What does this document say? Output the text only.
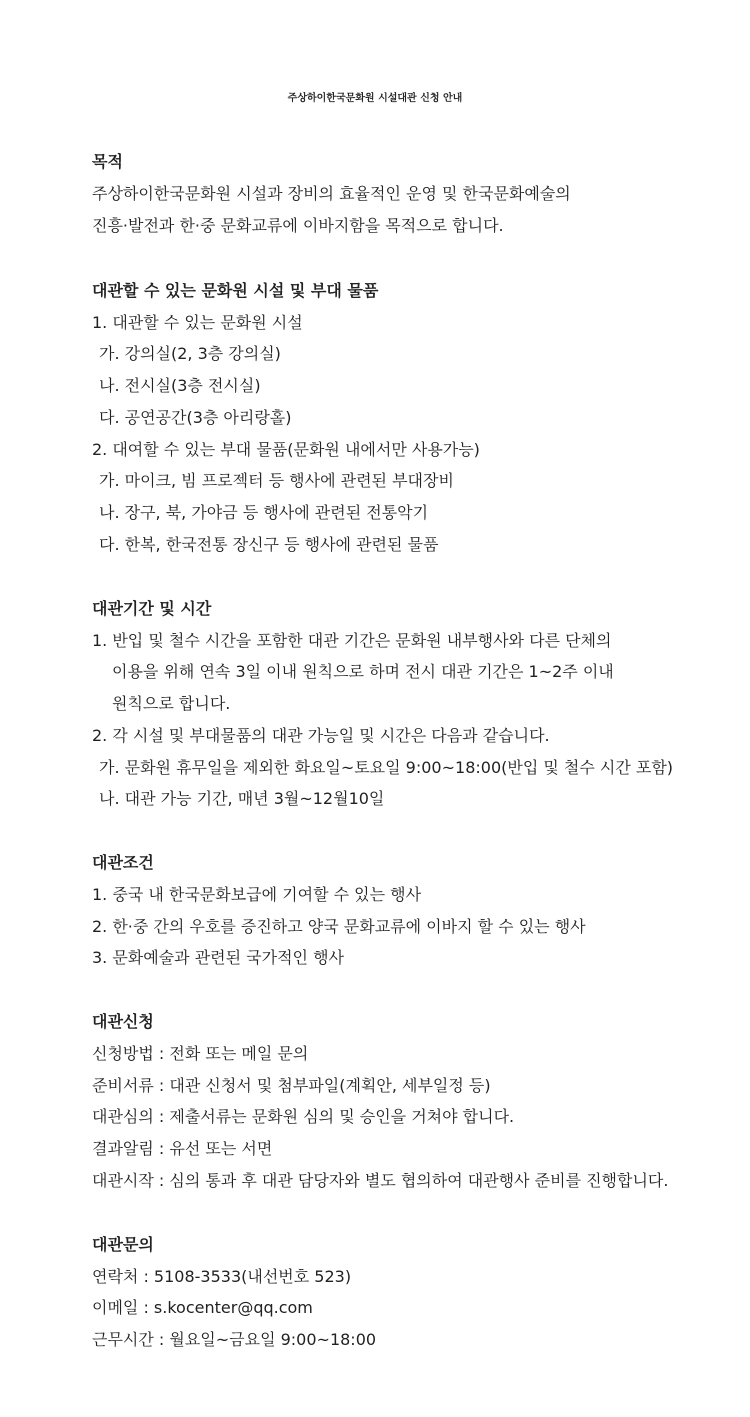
주상하이한국문화원 시설대관 신청 안내
목적
주상하이한국문화원 시설과 장비의 효율적인 운영 및 한국문화예술의
진흥·발전과 한·중 문화교류에 이바지함을 목적으로 합니다.
대관할 수 있는 문화원 시설 및 부대 물품
1. 대관할 수 있는 문화원 시설
가. 강의실(2, 3층 강의실)
나. 전시실(3층 전시실)
다. 공연공간(3층 아리랑홀)
2. 대여할 수 있는 부대 물품(문화원 내에서만 사용가능)
가. 마이크, 빔 프로젝터 등 행사에 관련된 부대장비
나. 장구, 북, 가야금 등 행사에 관련된 전통악기
다. 한복, 한국전통 장신구 등 행사에 관련된 물품
대관기간 및 시간
1. 반입 및 철수 시간을 포함한 대관 기간은 문화원 내부행사와 다른 단체의
이용을 위해 연속 3일 이내 원칙으로 하며 전시 대관 기간은 1~2주 이내
원칙으로 합니다.
2. 각 시설 및 부대물품의 대관 가능일 및 시간은 다음과 같습니다.
가. 문화원 휴무일을 제외한 화요일~토요일 9:00~18:00(반입 및 철수 시간 포함)
나. 대관 가능 기간, 매년 3월~12월10일
대관조건
1. 중국 내 한국문화보급에 기여할 수 있는 행사
2. 한·중 간의 우호를 증진하고 양국 문화교류에 이바지 할 수 있는 행사
3. 문화예술과 관련된 국가적인 행사
대관신청
신청방법 : 전화 또는 메일 문의
준비서류 : 대관 신청서 및 첨부파일(계획안, 세부일정 등)
대관심의 : 제출서류는 문화원 심의 및 승인을 거쳐야 합니다.
결과알림 : 유선 또는 서면
대관시작 : 심의 통과 후 대관 담당자와 별도 협의하여 대관행사 준비를 진행합니다.
대관문의
연락처 : 5108-3533(내선번호 523)
이메일 : s.kocenter@qq.com
근무시간 : 월요일~금요일 9:00~18:00
